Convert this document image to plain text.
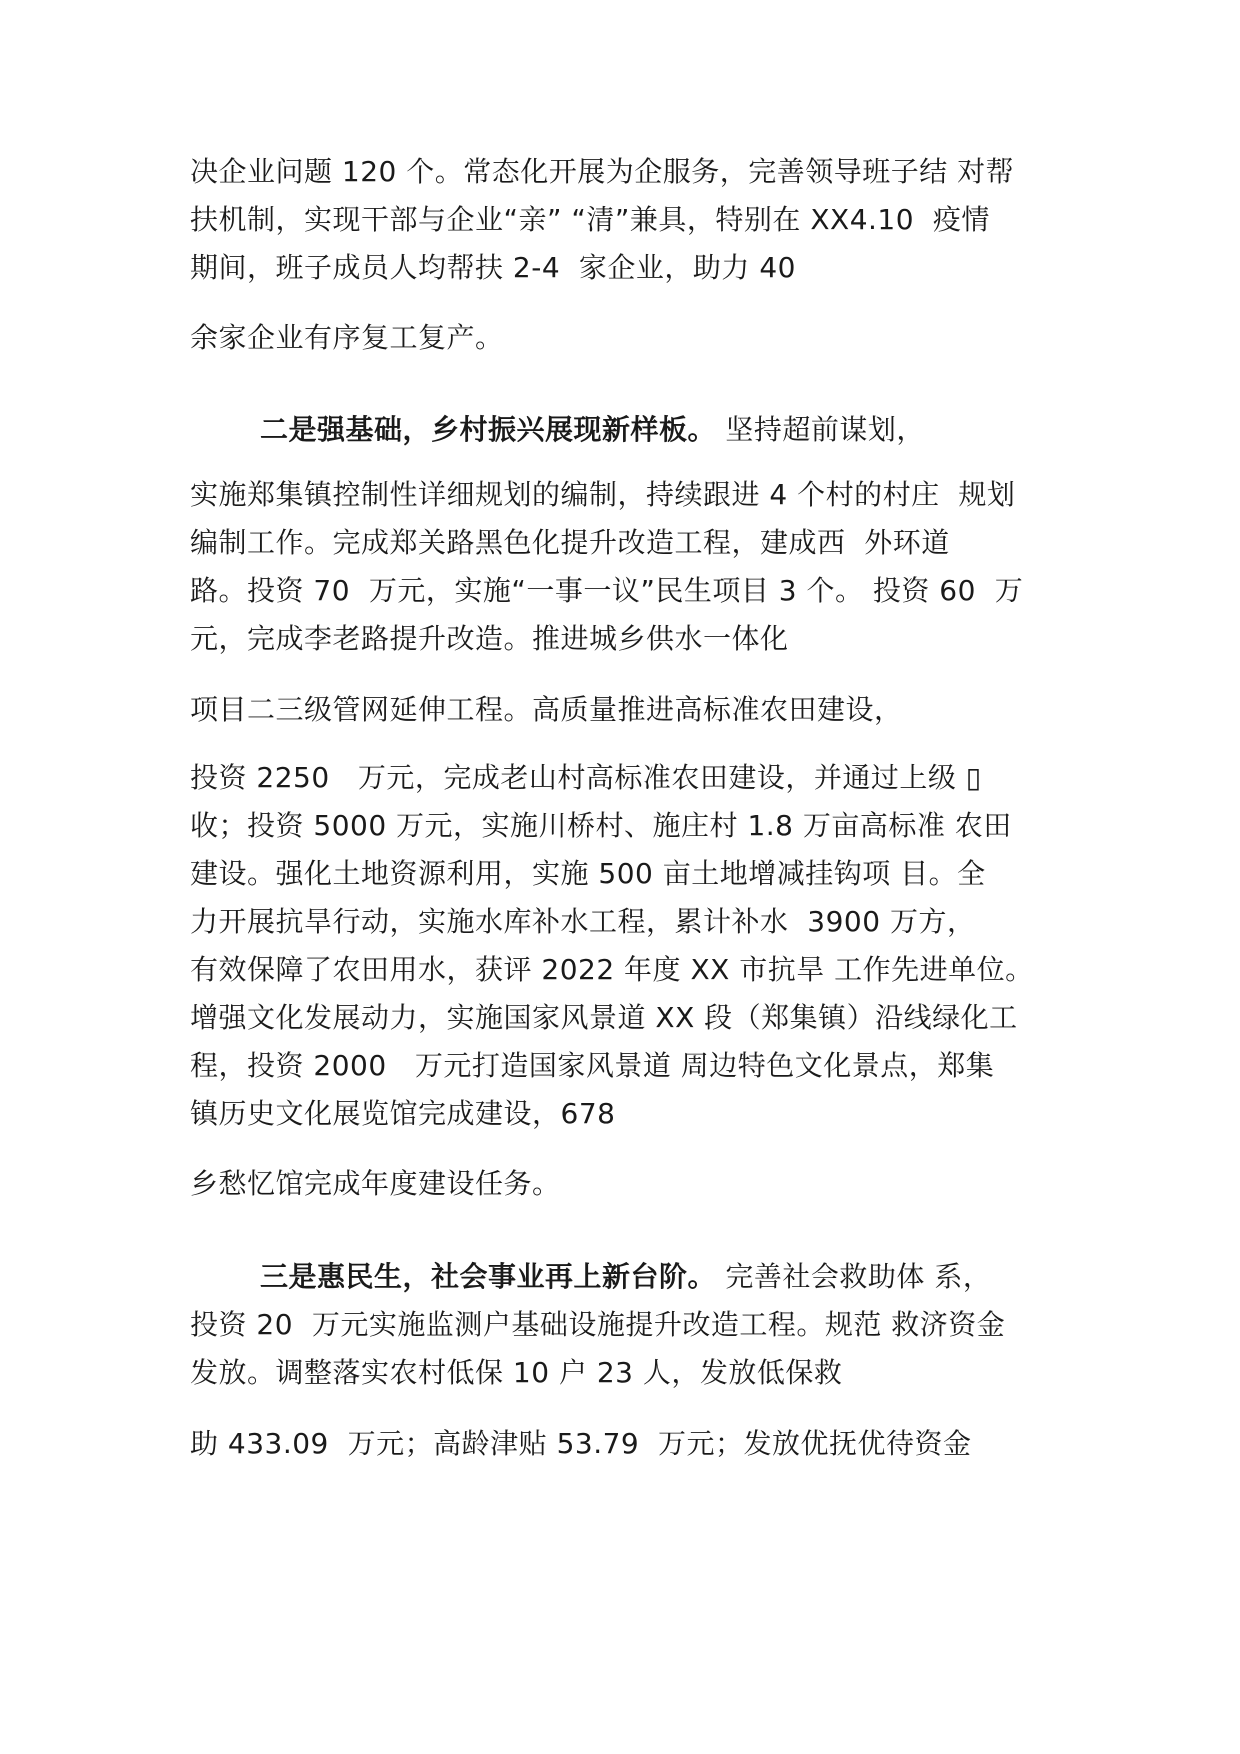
决企业问题 120 个。常态化开展为企服务，完善领导班子结 对帮
扶机制，实现干部与企业“亲” “清”兼具，特别在 XX4.10  疫情
期间，班子成员人均帮扶 2-4  家企业，助力 40
余家企业有序复工复产。
二是强基础，乡村振兴展现新样板。 坚持超前谋划，
实施郑集镇控制性详细规划的编制，持续跟进 4 个村的村庄  规划
编制工作。完成郑关路黑色化提升改造工程，建成西  外环道
路。投资 70  万元，实施“一事一议”民生项目 3 个。 投资 60  万
元，完成李老路提升改造。推进城乡供水一体化
项目二三级管网延伸工程。高质量推进高标准农田建设，
投资 2250   万元，完成老山村高标准农田建设，并通过上级 ▯
收；投资 5000 万元，实施川桥村、施庄村 1.8 万亩高标准 农田
建设。强化土地资源利用，实施 500 亩土地增减挂钩项 目。全
力开展抗旱行动，实施水库补水工程，累计补水  3900 万方，
有效保障了农田用水，获评 2022 年度 XX 市抗旱 工作先进单位。
增强文化发展动力，实施国家风景道 XX 段（郑集镇）沿线绿化工
程，投资 2000   万元打造国家风景道 周边特色文化景点，郑集
镇历史文化展览馆完成建设，678
乡愁忆馆完成年度建设任务。
三是惠民生，社会事业再上新台阶。 完善社会救助体 系，
投资 20  万元实施监测户基础设施提升改造工程。规范 救济资金
发放。调整落实农村低保 10 户 23 人，发放低保救
助 433.09  万元；高龄津贴 53.79  万元；发放优抚优待资金
